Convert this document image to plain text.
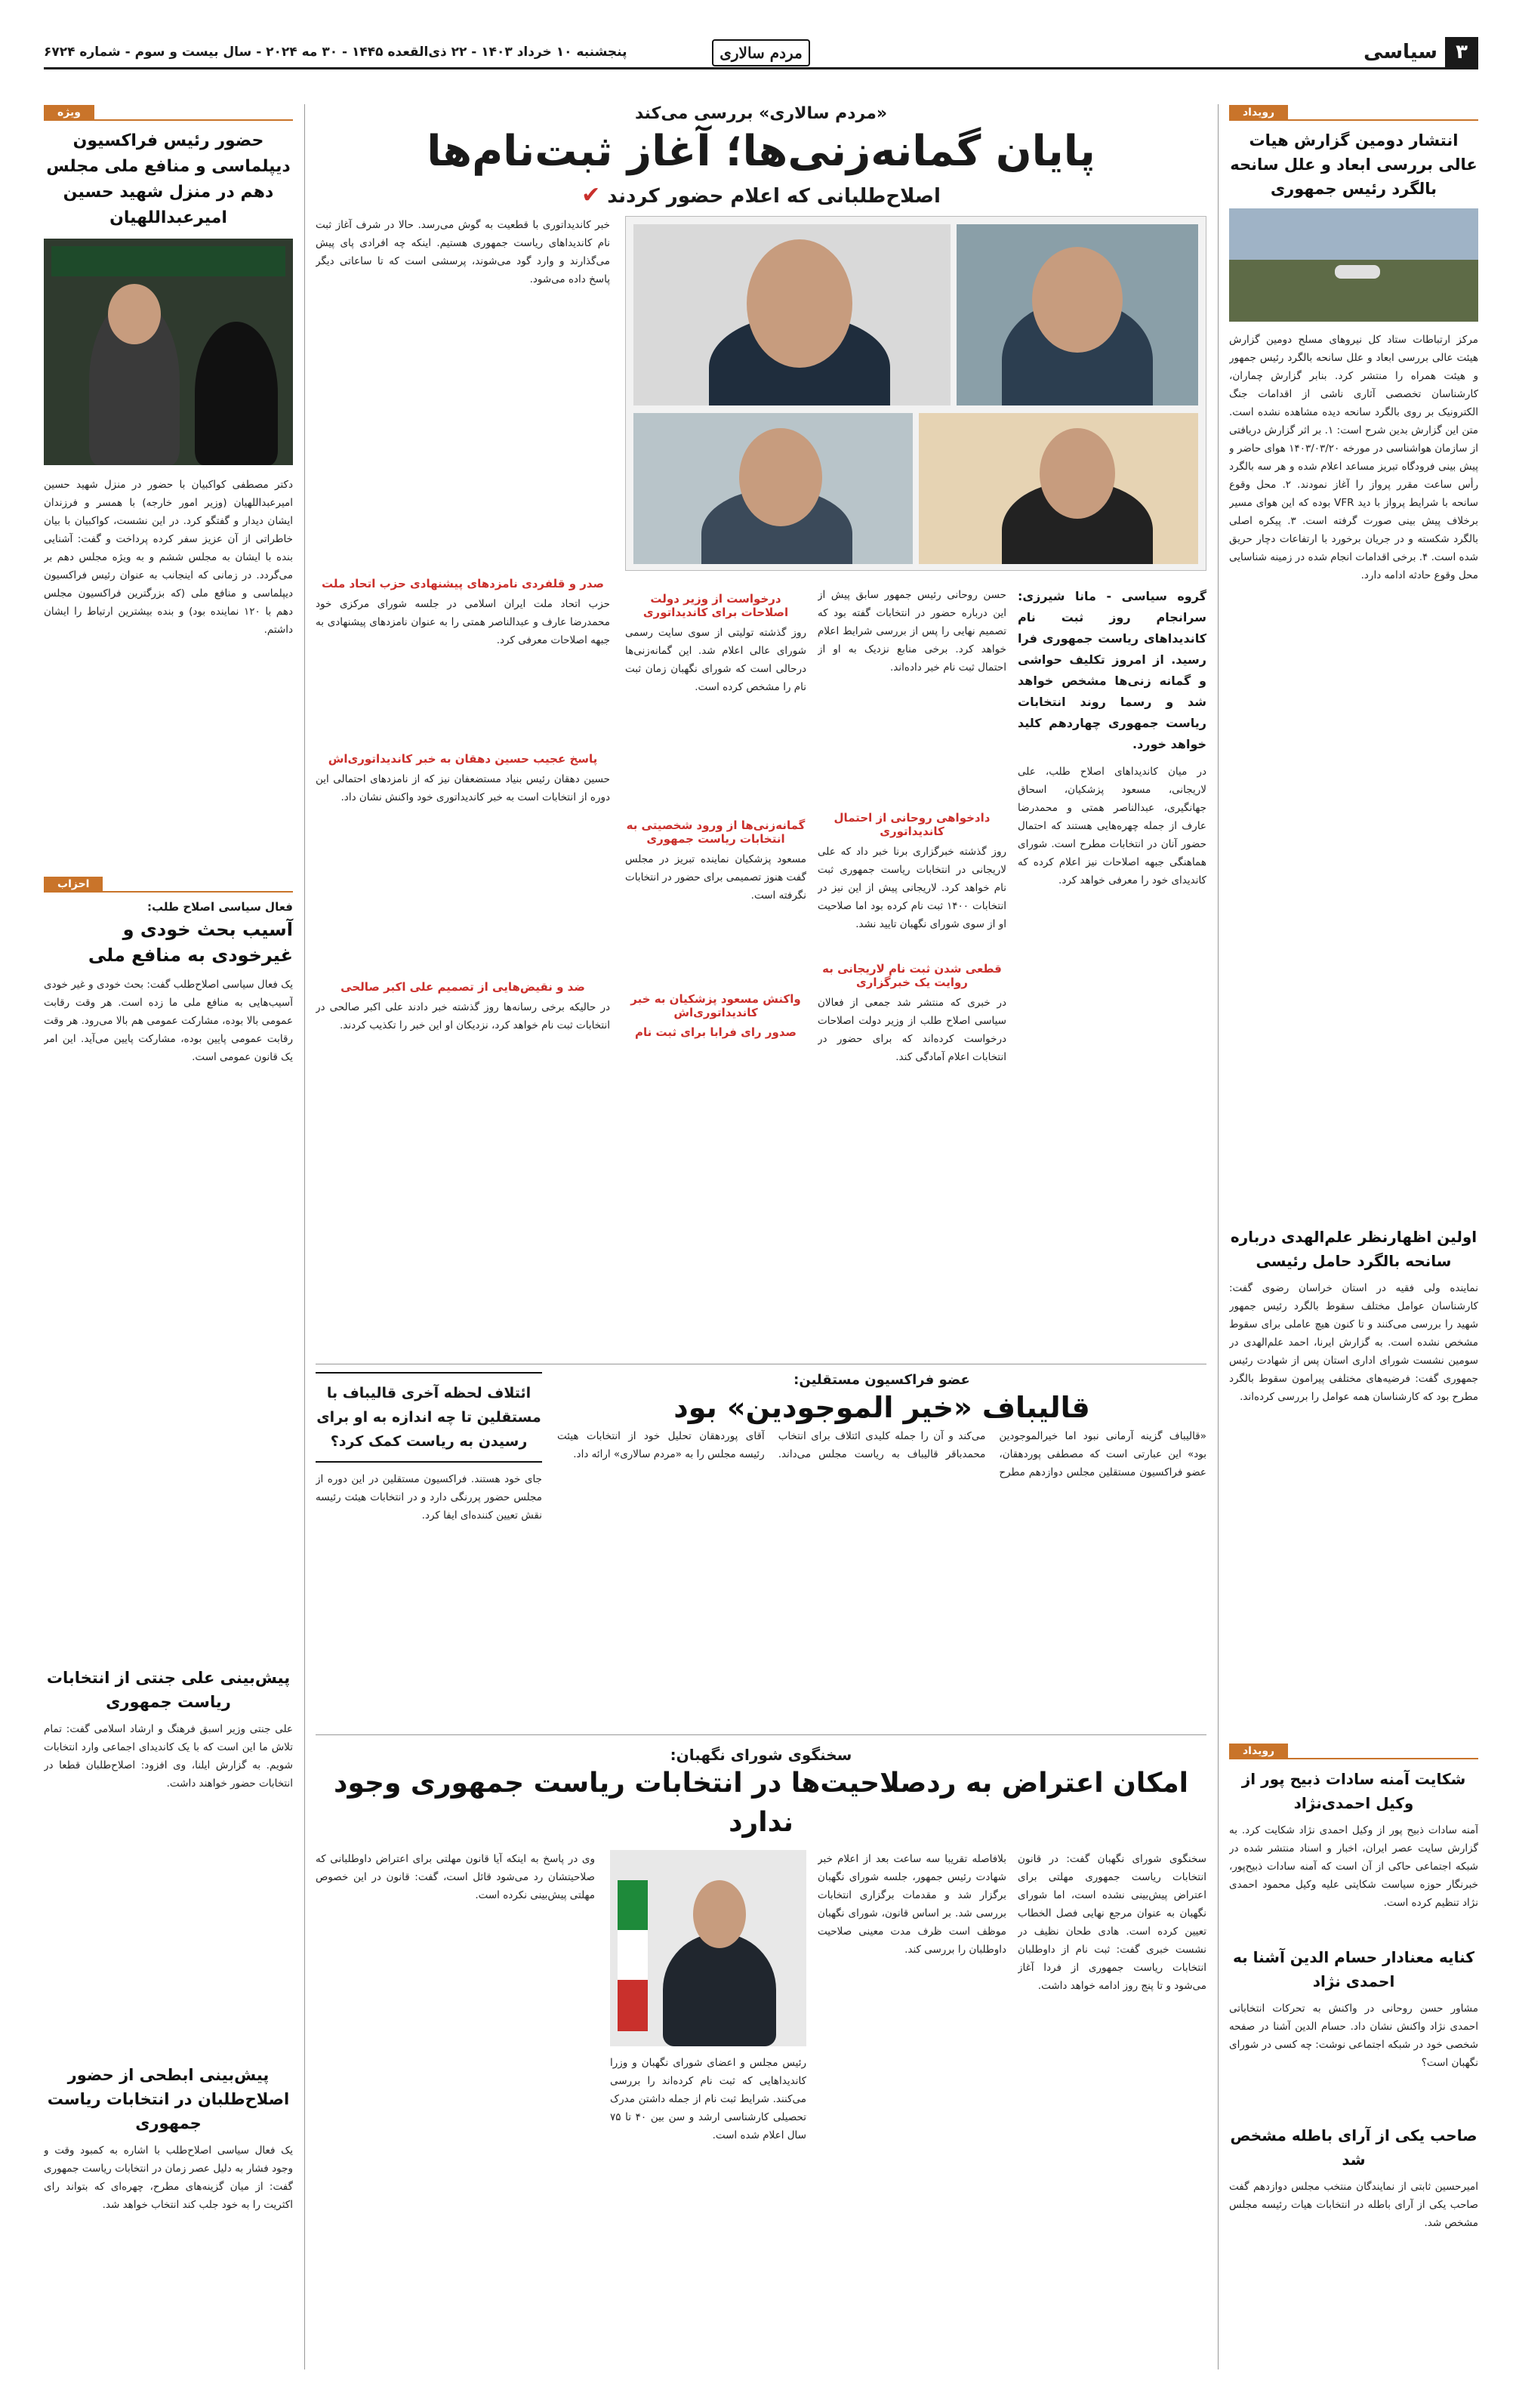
۳
سیاسی
مردم سالاری
پنجشنبه ۱۰ خرداد ۱۴۰۳ - ۲۲ ذی‌القعده ۱۴۴۵ - ۳۰ مه ۲۰۲۴ - سال بیست و سوم - شماره ۶۷۲۴
ویژه
حضور رئیس فراکسیون دیپلماسی و منافع ملی مجلس دهم در منزل شهید حسین امیرعبداللهیان
دکتر مصطفی کواکبیان با حضور در منزل شهید حسین امیرعبداللهیان (وزیر امور خارجه) با همسر و فرزندان ایشان دیدار و گفتگو کرد. در این نشست، کواکبیان با بیان خاطراتی از آن عزیز سفر کرده پرداخت و گفت: آشنایی بنده با ایشان به مجلس ششم و به ویژه مجلس دهم بر می‌گردد. در زمانی که اینجانب به عنوان رئیس فراکسیون دیپلماسی و منافع ملی (که بزرگترین فراکسیون مجلس دهم با ۱۲۰ نماینده بود) و بنده بیشترین ارتباط را ایشان داشتم.
احزاب
فعال سیاسی اصلاح طلب:
آسیب بحث خودی و غیرخودی به منافع ملی
یک فعال سیاسی اصلاح‌طلب گفت: بحث خودی و غیر خودی آسیب‌هایی به منافع ملی ما زده است. هر وقت رقابت عمومی بالا بوده، مشارکت عمومی هم بالا می‌رود. هر وقت رقابت عمومی پایین بوده، مشارکت پایین می‌آید. این امر یک قانون عمومی است.
پیش‌بینی علی جنتی از انتخابات ریاست جمهوری
علی جنتی وزیر اسبق فرهنگ و ارشاد اسلامی گفت: تمام تلاش ما این است که با یک کاندیدای اجماعی وارد انتخابات شویم. به گزارش ایلنا، وی افزود: اصلاح‌طلبان قطعا در انتخابات حضور خواهند داشت.
پیش‌بینی ابطحی از حضور اصلاح‌طلبان در انتخابات ریاست جمهوری
یک فعال سیاسی اصلاح‌طلب با اشاره به کمبود وقت و وجود فشار به دلیل عصر زمان در انتخابات ریاست جمهوری گفت: از میان گزینه‌های مطرح، چهره‌ای که بتواند رای اکثریت را به خود جلب کند انتخاب خواهد شد.
«مردم سالاری» بررسی می‌کند
پایان گمانه‌زنی‌ها؛ آغاز ثبت‌نام‌ها
اصلاح‌طلبانی که اعلام حضور کردند ✔
خبر کاندیداتوری با قطعیت به گوش می‌رسد. حالا در شرف آغاز ثبت نام کاندیداهای ریاست جمهوری هستیم. اینکه چه افرادی پای پیش می‌گذارند و وارد گود می‌شوند، پرسشی است که تا ساعاتی دیگر پاسخ داده می‌شود.
صدر و قلفردی نامزدهای پیشنهادی حزب اتحاد ملت
حزب اتحاد ملت ایران اسلامی در جلسه شورای مرکزی خود محمدرضا عارف و عبدالناصر همتی را به عنوان نامزدهای پیشنهادی به جبهه اصلاحات معرفی کرد.
پاسخ عجیب حسین دهقان به خبر کاندیداتوری‌اش
حسین دهقان رئیس بنیاد مستضعفان نیز که از نامزدهای احتمالی این دوره از انتخابات است به خبر کاندیداتوری خود واکنش نشان داد.
ضد و نقیض‌هایی از تصمیم علی اکبر صالحی
در حالیکه برخی رسانه‌ها روز گذشته خبر دادند علی اکبر صالحی در انتخابات ثبت نام خواهد کرد، نزدیکان او این خبر را تکذیب کردند.
گروه سیاسی - مانا شیرزی: سرانجام روز ثبت نام کاندیداهای ریاست جمهوری فرا رسید. از امروز تکلیف حواشی و گمانه زنی‌ها مشخص خواهد شد و رسما روند انتخابات ریاست جمهوری چهاردهم کلید خواهد خورد.
در میان کاندیداهای اصلاح طلب، علی لاریجانی، مسعود پزشکیان، اسحاق جهانگیری، عبدالناصر همتی و محمدرضا عارف از جمله چهره‌هایی هستند که احتمال حضور آنان در انتخابات مطرح است. شورای هماهنگی جبهه اصلاحات نیز اعلام کرده که کاندیدای خود را معرفی خواهد کرد.
حسن روحانی رئیس جمهور سابق پیش از این درباره حضور در انتخابات گفته بود که تصمیم نهایی را پس از بررسی شرایط اعلام خواهد کرد. برخی منابع نزدیک به او از احتمال ثبت نام خبر داده‌اند.
دادخواهی روحانی از احتمال کاندیداتوری
روز گذشته خبرگزاری برنا خبر داد که علی لاریجانی در انتخابات ریاست جمهوری ثبت نام خواهد کرد. لاریجانی پیش از این نیز در انتخابات ۱۴۰۰ ثبت نام کرده بود اما صلاحیت او از سوی شورای نگهبان تایید نشد.
قطعی شدن ثبت نام لاریجانی به روایت یک خبرگزاری
در خبری که منتشر شد جمعی از فعالان سیاسی اصلاح طلب از وزیر دولت اصلاحات درخواست کرده‌اند که برای حضور در انتخابات اعلام آمادگی کند.
درخواست از وزیر دولت اصلاحات برای کاندیداتوری
روز گذشته تولیتی از سوی سایت رسمی شورای عالی اعلام شد. این گمانه‌زنی‌ها درحالی است که شورای نگهبان زمان ثبت نام را مشخص کرده است.
گمانه‌زنی‌ها از ورود شخصیتی به انتخابات ریاست جمهوری
مسعود پزشکیان نماینده تبریز در مجلس گفت هنوز تصمیمی برای حضور در انتخابات نگرفته است.
واکنش مسعود پزشکیان به خبر کاندیداتوری‌اش
صدور رای فرابا برای ثبت نام
عضو فراکسیون مستقلین:
قالیباف «خیر الموجودین» بود
«قالیباف گزینه آرمانی نبود اما خیرالموجودین بود» این عبارتی است که مصطفی پوردهقان، عضو فراکسیون مستقلین مجلس دوازدهم مطرح می‌کند و آن را جمله کلیدی ائتلاف برای انتخاب محمدباقر قالیباف به ریاست مجلس می‌داند. آقای پوردهقان تحلیل خود از انتخابات هیئت رئیسه مجلس را به «مردم سالاری» ارائه داد.
ائتلاف لحظه آخری قالیباف با مستقلین تا چه اندازه به او برای رسیدن به ریاست کمک کرد؟
جای خود هستند. فراکسیون مستقلین در این دوره از مجلس حضور پررنگی دارد و در انتخابات هیئت رئیسه نقش تعیین کننده‌ای ایفا کرد.
سخنگوی شورای نگهبان:
امکان اعتراض به ردصلاحیت‌ها در انتخابات ریاست جمهوری وجود ندارد
سخنگوی شورای نگهبان گفت: در قانون انتخابات ریاست جمهوری مهلتی برای اعتراض پیش‌بینی نشده است، اما شورای نگهبان به عنوان مرجع نهایی فصل الخطاب تعیین کرده است. هادی طحان نظیف در نشست خبری گفت: ثبت نام از داوطلبان انتخابات ریاست جمهوری از فردا آغاز می‌شود و تا پنج روز ادامه خواهد داشت.
بلافاصله تقریبا سه ساعت بعد از اعلام خبر شهادت رئیس جمهور، جلسه شورای نگهبان برگزار شد و مقدمات برگزاری انتخابات بررسی شد. بر اساس قانون، شورای نگهبان موظف است ظرف مدت معینی صلاحیت داوطلبان را بررسی کند.
رئیس مجلس و اعضای شورای نگهبان و وزرا کاندیداهایی که ثبت نام کرده‌اند را بررسی می‌کنند. شرایط ثبت نام از جمله داشتن مدرک تحصیلی کارشناسی ارشد و سن بین ۴۰ تا ۷۵ سال اعلام شده است.
وی در پاسخ به اینکه آیا قانون مهلتی برای اعتراض داوطلبانی که صلاحیتشان رد می‌شود قائل است، گفت: قانون در این خصوص مهلتی پیش‌بینی نکرده است.
رویداد
انتشار دومین گزارش هیات عالی بررسی ابعاد و علل سانحه بالگرد رئیس جمهوری
مرکز ارتباطات ستاد کل نیروهای مسلح دومین گزارش هیئت عالی بررسی ابعاد و علل سانحه بالگرد رئیس جمهور و هیئت همراه را منتشر کرد. بنابر گزارش چماران، کارشناسان تخصصی آثاری ناشی از اقدامات جنگ الکترونیک بر روی بالگرد سانحه دیده مشاهده نشده است. متن این گزارش بدین شرح است: ۱. بر اثر گزارش دریافتی از سازمان هواشناسی در مورخه ۱۴۰۳/۰۳/۲۰ هوای حاضر و پیش بینی فرودگاه تبریز مساعد اعلام شده و هر سه بالگرد رأس ساعت مقرر پرواز را آغاز نمودند. ۲. محل وقوع سانحه با شرایط پرواز با دید VFR بوده که این هوای مسیر برخلاف پیش بینی صورت گرفته است. ۳. پیکره اصلی بالگرد شکسته و در جریان برخورد با ارتفاعات دچار حریق شده است. ۴. برخی اقدامات انجام شده در زمینه شناسایی محل وقوع حادثه ادامه دارد.
اولین اظهارنظر علم‌الهدی درباره سانحه بالگرد حامل رئیسی
نماینده ولی فقیه در استان خراسان رضوی گفت: کارشناسان عوامل مختلف سقوط بالگرد رئیس جمهور شهید را بررسی می‌کنند و تا کنون هیچ عاملی برای سقوط مشخص نشده است. به گزارش ایرنا، احمد علم‌الهدی در سومین نشست شورای اداری استان پس از شهادت رئیس جمهوری گفت: فرضیه‌های مختلفی پیرامون سقوط بالگرد مطرح بود که کارشناسان همه عوامل را بررسی کرده‌اند.
رویداد
شکایت آمنه سادات ذبیح پور از وکیل احمدی‌نژاد
آمنه سادات ذبیح پور از وکیل احمدی نژاد شکایت کرد. به گزارش سایت عصر ایران، اخبار و اسناد منتشر شده در شبکه اجتماعی حاکی از آن است که آمنه سادات ذبیح‌پور، خبرنگار حوزه سیاست شکایتی علیه وکیل محمود احمدی نژاد تنظیم کرده است.
کنایه معنادار حسام الدین آشنا به احمدی نژاد
مشاور حسن روحانی در واکنش به تحرکات انتخاباتی احمدی نژاد واکنش نشان داد. حسام الدین آشنا در صفحه شخصی خود در شبکه اجتماعی نوشت: چه کسی در شورای نگهبان است؟
صاحب یکی از آرای باطله مشخص شد
امیرحسین ثابتی از نمایندگان منتخب مجلس دوازدهم گفت صاحب یکی از آرای باطله در انتخابات هیات رئیسه مجلس مشخص شد.
